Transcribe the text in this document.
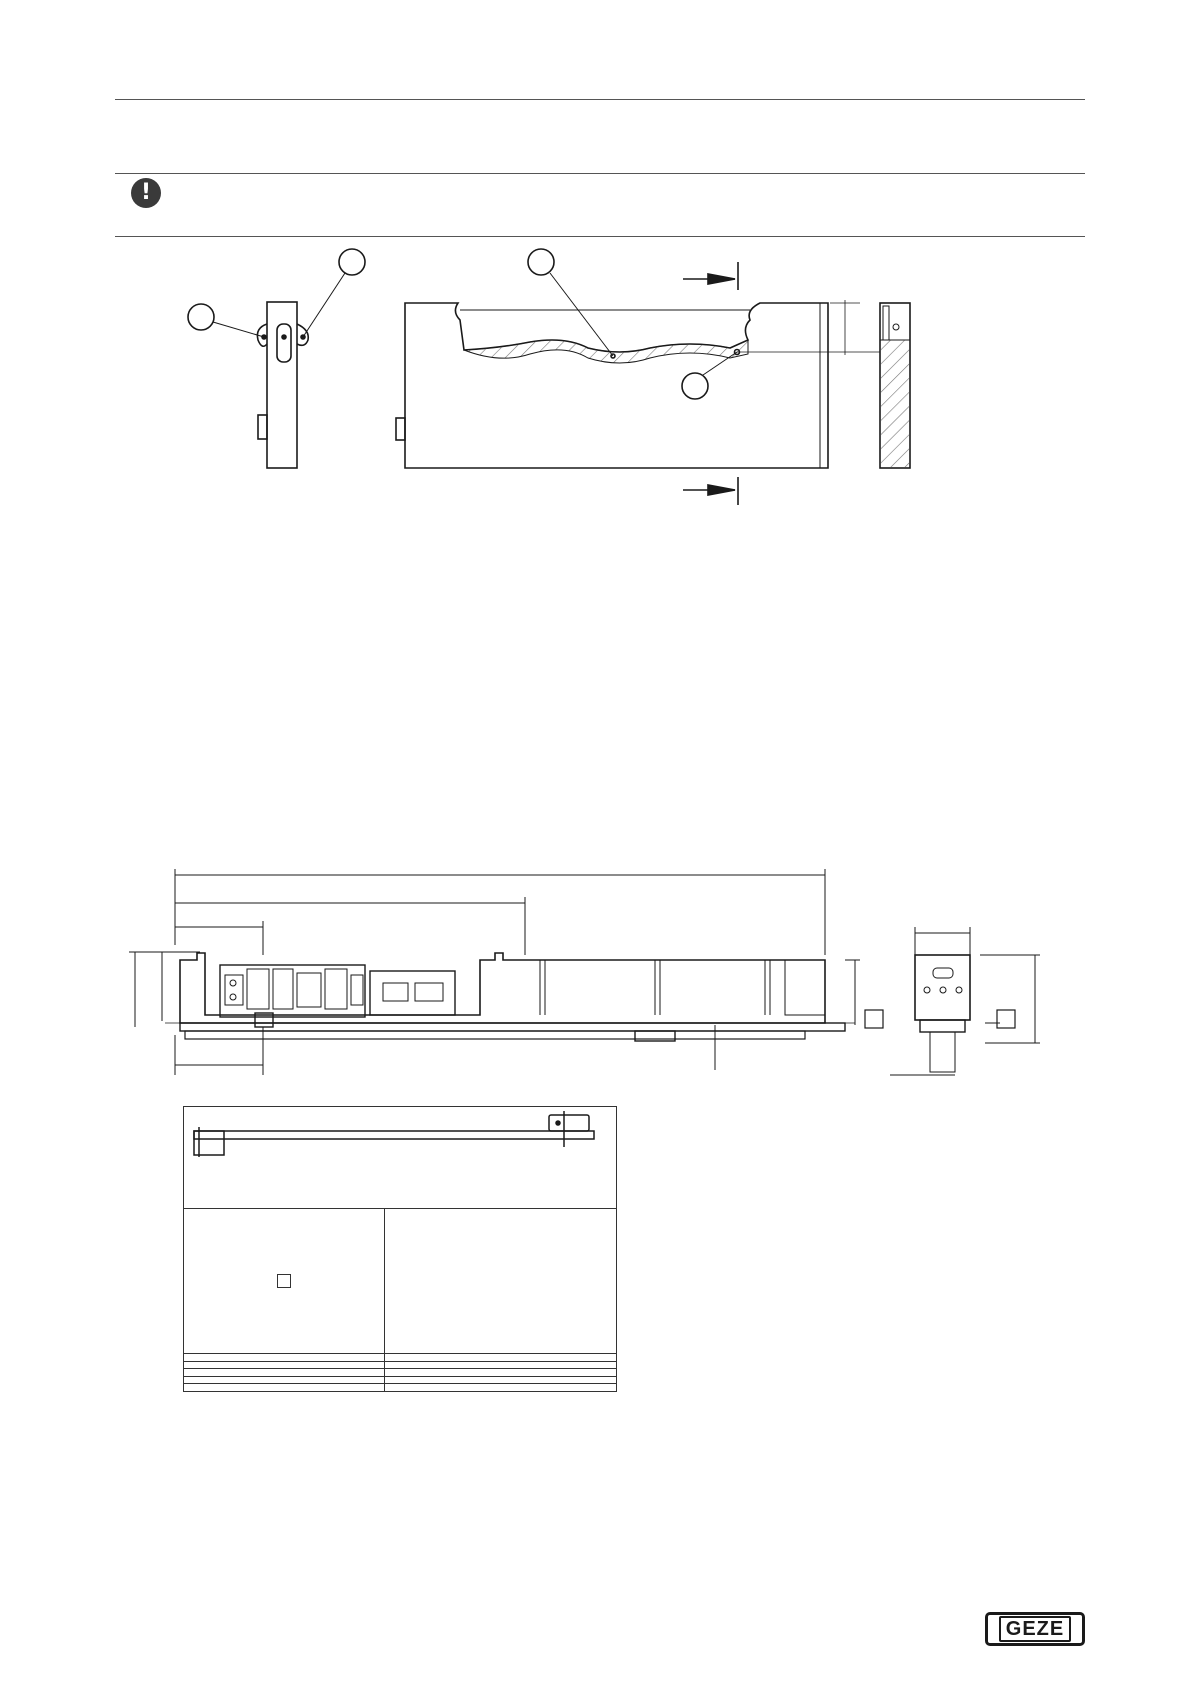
!

GEZE
